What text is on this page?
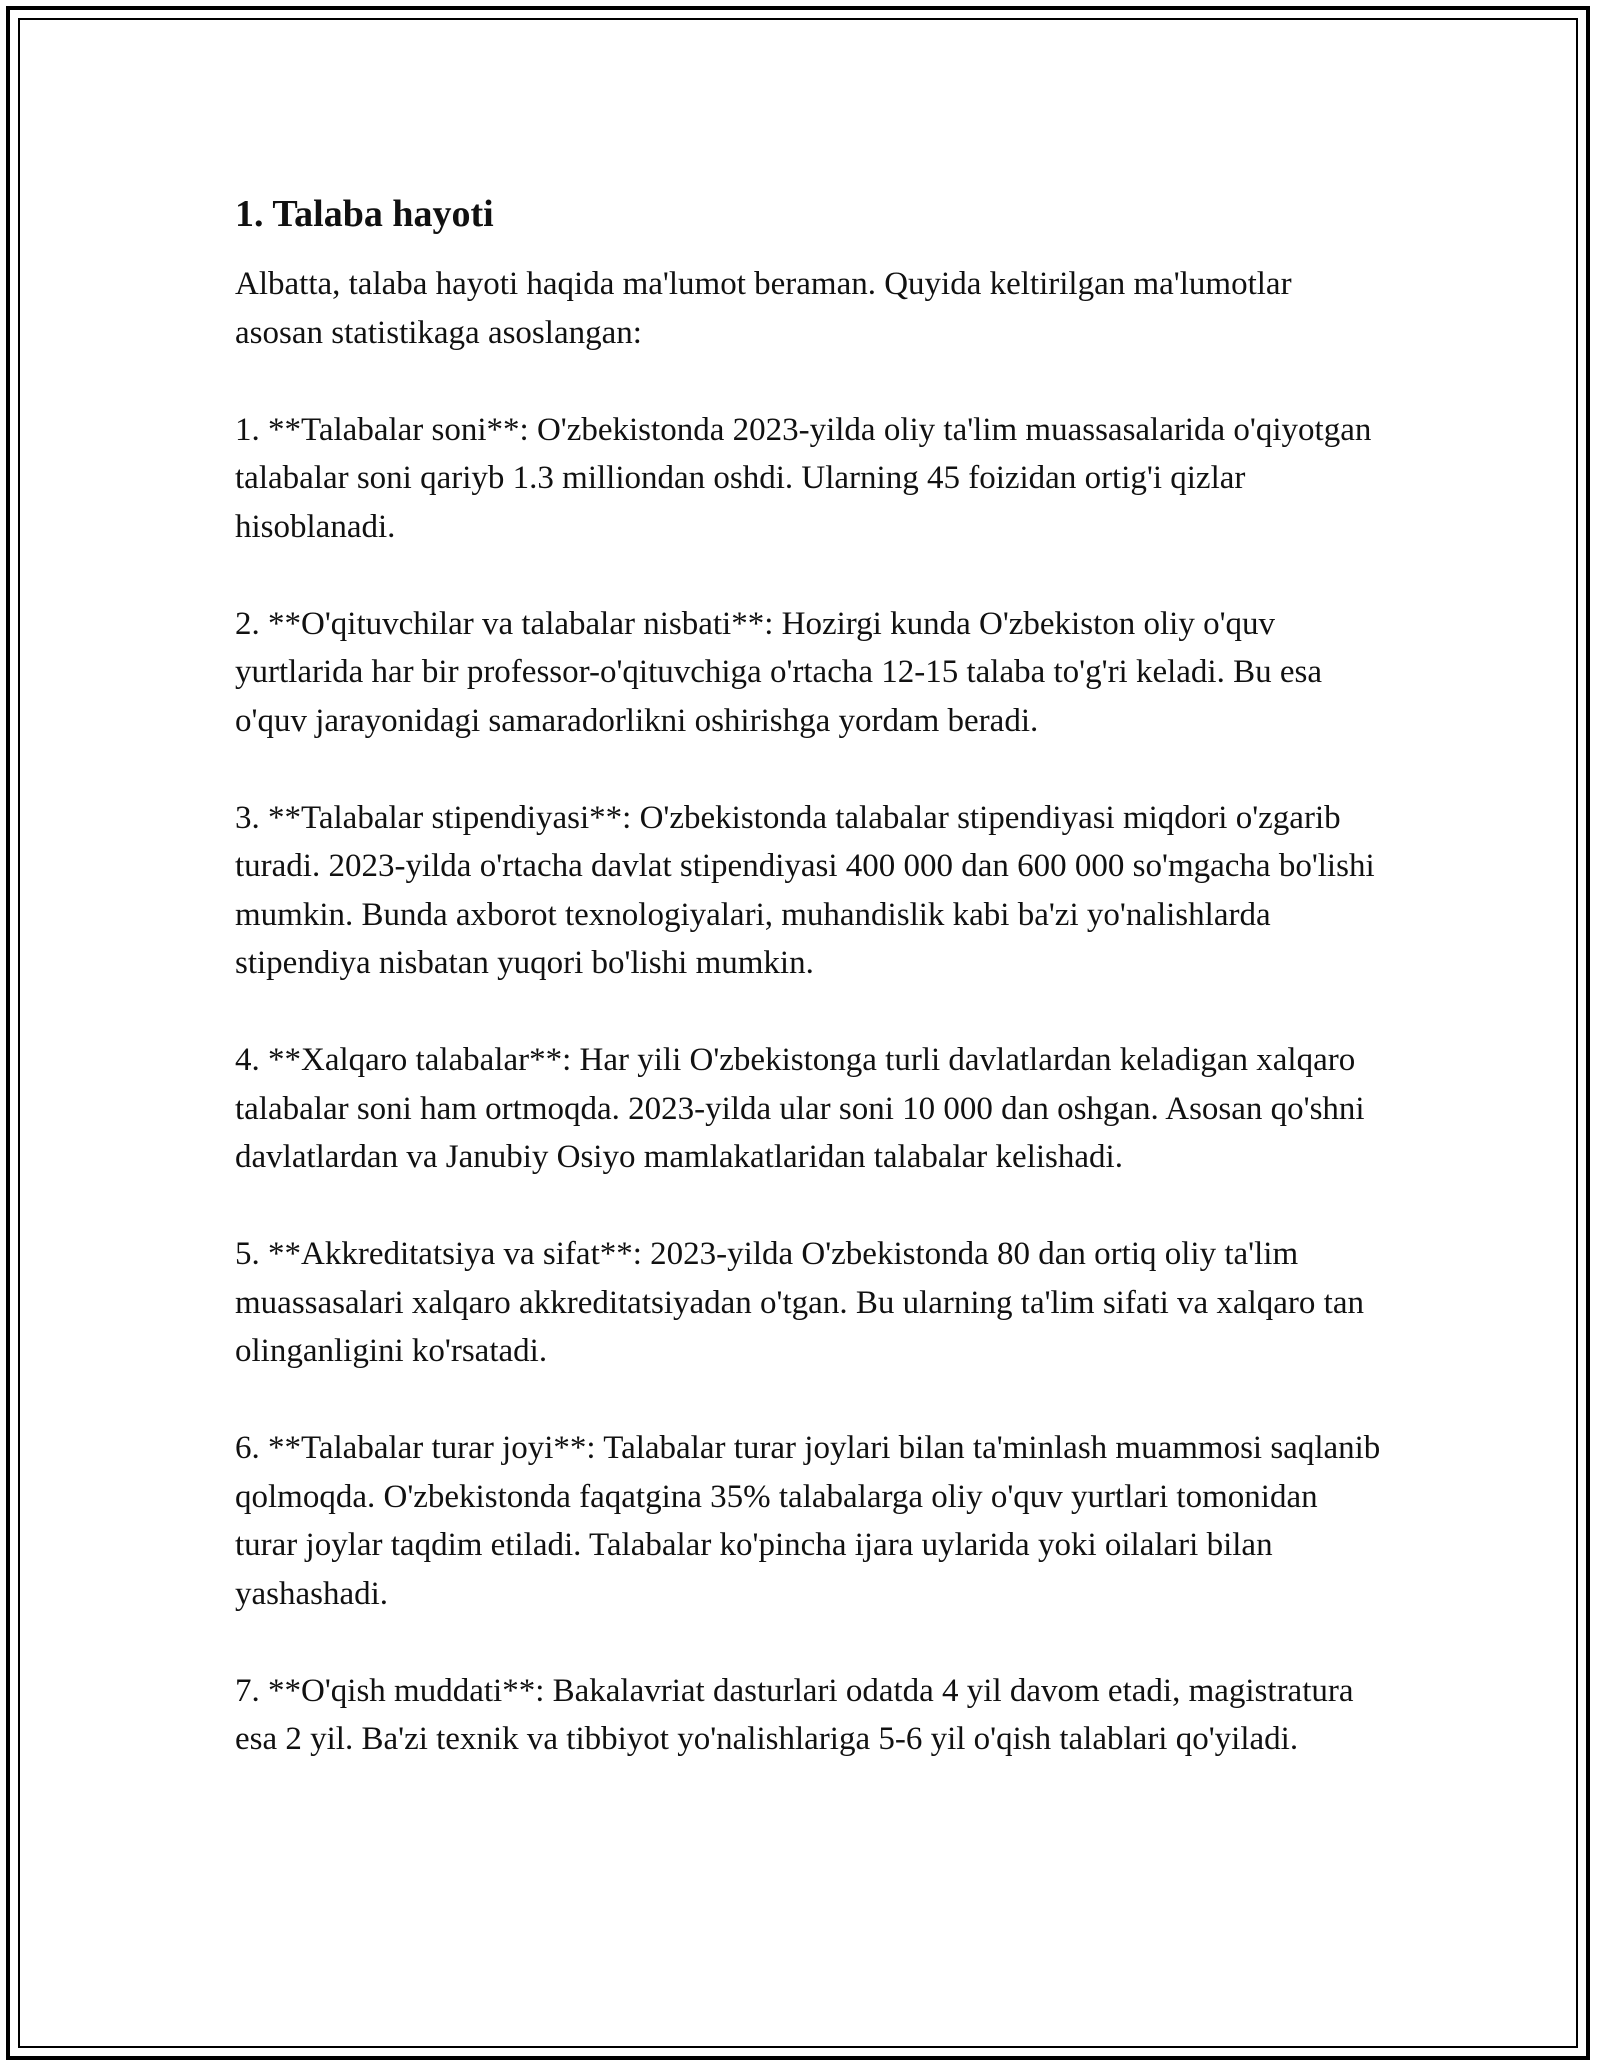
1. Talaba hayoti

Albatta, talaba hayoti haqida ma'lumot beraman. Quyida keltirilgan ma'lumotlar asosan statistikaga asoslangan:

1. **Talabalar soni**: O'zbekistonda 2023-yilda oliy ta'lim muassasalarida o'qiyotgan talabalar soni qariyb 1.3 milliondan oshdi. Ularning 45 foizidan ortig'i qizlar hisoblanadi.

2. **O'qituvchilar va talabalar nisbati**: Hozirgi kunda O'zbekiston oliy o'quv yurtlarida har bir professor-o'qituvchiga o'rtacha 12-15 talaba to'g'ri keladi. Bu esa o'quv jarayonidagi samaradorlikni oshirishga yordam beradi.

3. **Talabalar stipendiyasi**: O'zbekistonda talabalar stipendiyasi miqdori o'zgarib turadi. 2023-yilda o'rtacha davlat stipendiyasi 400 000 dan 600 000 so'mgacha bo'lishi mumkin. Bunda axborot texnologiyalari, muhandislik kabi ba'zi yo'nalishlarda stipendiya nisbatan yuqori bo'lishi mumkin.

4. **Xalqaro talabalar**: Har yili O'zbekistonga turli davlatlardan keladigan xalqaro talabalar soni ham ortmoqda. 2023-yilda ular soni 10 000 dan oshgan. Asosan qo'shni davlatlardan va Janubiy Osiyo mamlakatlaridan talabalar kelishadi.

5. **Akkreditatsiya va sifat**: 2023-yilda O'zbekistonda 80 dan ortiq oliy ta'lim muassasalari xalqaro akkreditatsiyadan o'tgan. Bu ularning ta'lim sifati va xalqaro tan olinganligini ko'rsatadi.

6. **Talabalar turar joyi**: Talabalar turar joylari bilan ta'minlash muammosi saqlanib qolmoqda. O'zbekistonda faqatgina 35% talabalarga oliy o'quv yurtlari tomonidan turar joylar taqdim etiladi. Talabalar ko'pincha ijara uylarida yoki oilalari bilan yashashadi.

7. **O'qish muddati**: Bakalavriat dasturlari odatda 4 yil davom etadi, magistratura esa 2 yil. Ba'zi texnik va tibbiyot yo'nalishlariga 5-6 yil o'qish talablari qo'yiladi.
